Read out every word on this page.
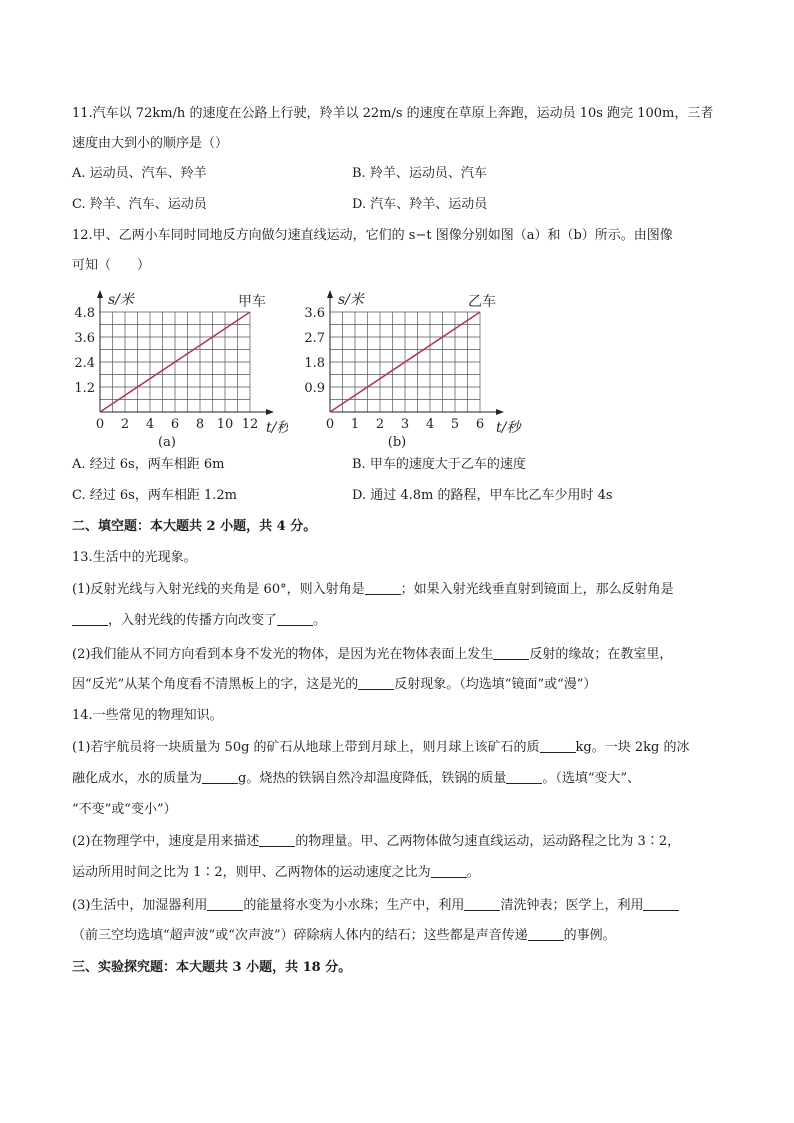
11.汽车以 72km/h 的速度在公路上行驶，羚羊以 22m/s 的速度在草原上奔跑，运动员 10s 跑完 100m，三者
速度由大到小的顺序是（）
A. 运动员、汽车、羚羊	B. 羚羊、运动员、汽车
C. 羚羊、汽车、运动员	D. 汽车、羚羊、运动员
12.甲、乙两小车同时同地反方向做匀速直线运动，它们的 s−t 图像分别如图（a）和（b）所示。由图像
可知（　　）
0 2 4 6 8 10 12
1.2
2.4
3.6
4.8
s/米
t/秒
(a)
甲车
0 1 2 3 4 5 6
0.9
1.8
2.7
3.6
s/米
t/秒
(b)
乙车
A. 经过 6s，两车相距 6m	B. 甲车的速度大于乙车的速度
C. 经过 6s，两车相距 1.2m	D. 通过 4.8m 的路程，甲车比乙车少用时 4s
二、填空题：本大题共 2 小题，共 4 分。
13.生活中的光现象。
(1)反射光线与入射光线的夹角是 60°，则入射角是	；如果入射光线垂直射到镜面上，那么反射角是
，入射光线的传播方向改变了	。
(2)我们能从不同方向看到本身不发光的物体，是因为光在物体表面上发生	反射的缘故；在教室里，
因“反光”从某个角度看不清黑板上的字，这是光的	反射现象。（均选填“镜面”或“漫”）
14.一些常见的物理知识。
(1)若宇航员将一块质量为 50g 的矿石从地球上带到月球上，则月球上该矿石的质	kg。一块 2kg 的冰
融化成水，水的质量为	g。烧热的铁锅自然冷却温度降低，铁锅的质量	。（选填“变大”、
“不变”或“变小”）
(2)在物理学中，速度是用来描述	的物理量。甲、乙两物体做匀速直线运动，运动路程之比为 3∶2，
运动所用时间之比为 1∶2，则甲、乙两物体的运动速度之比为	。
(3)生活中，加湿器利用	的能量将水变为小水珠；生产中，利用	清洗钟表；医学上，利用
（前三空均选填“超声波”或“次声波”）碎除病人体内的结石；这些都是声音传递	的事例。
三、实验探究题：本大题共 3 小题，共 18 分。
